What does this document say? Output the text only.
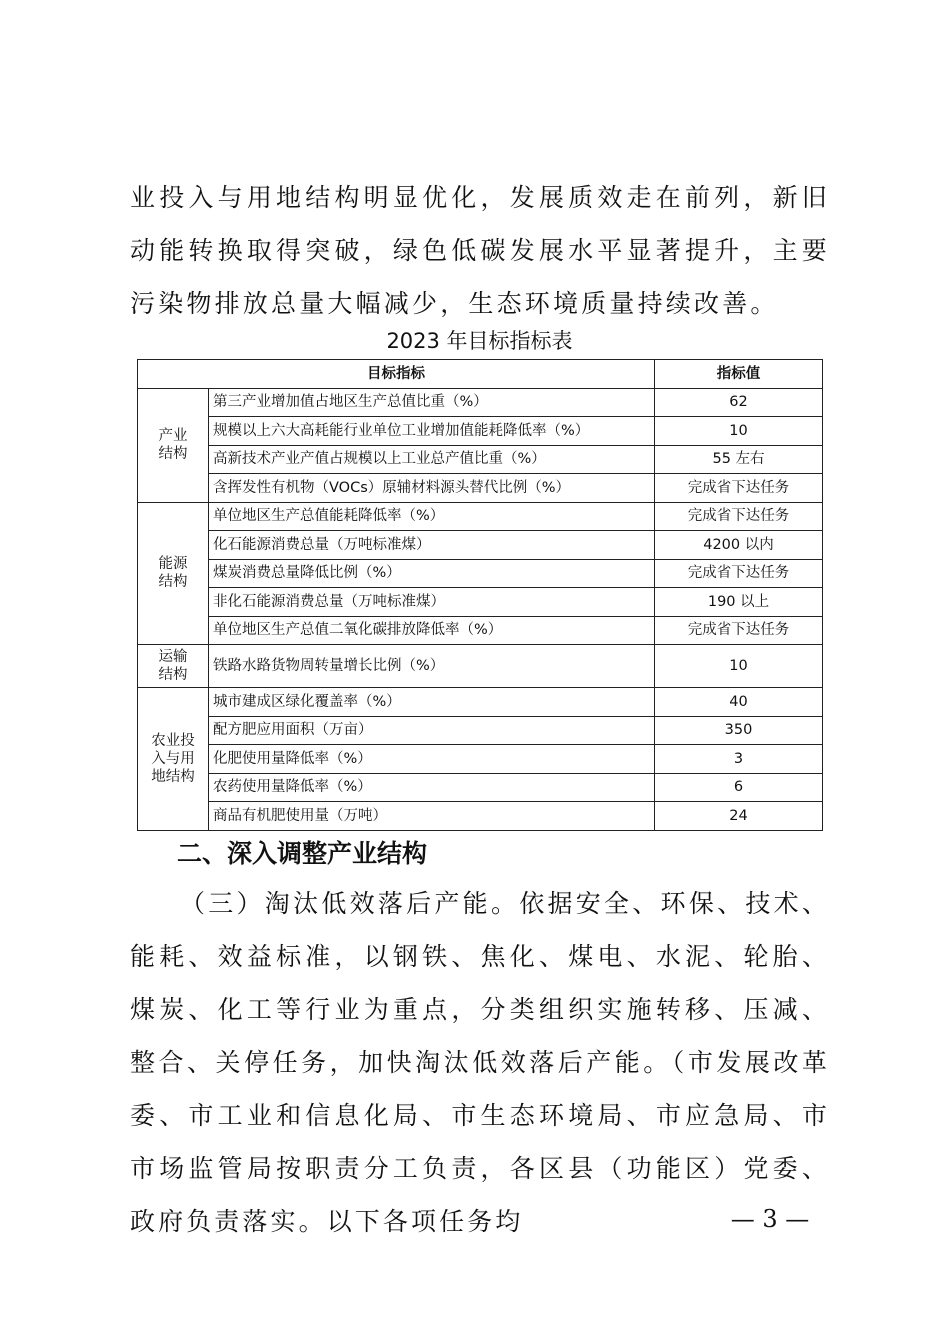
业投入与用地结构明显优化，发展质效走在前列，新旧动能转换取得突破，绿色低碳发展水平显著提升，主要污染物排放总量大幅减少，生态环境质量持续改善。

2023 年目标指标表
目标指标		指标值
产业
结构	第三产业增加值占地区生产总值比重（%）	62
	规模以上六大高耗能行业单位工业增加值能耗降低率（%）	10
	高新技术产业产值占规模以上工业总产值比重（%）	55 左右
	含挥发性有机物（VOCs）原辅材料源头替代比例（%）	完成省下达任务
能源
结构	单位地区生产总值能耗降低率（%）	完成省下达任务
	化石能源消费总量（万吨标准煤）	4200 以内
	煤炭消费总量降低比例（%）	完成省下达任务
	非化石能源消费总量（万吨标准煤）	190 以上
	单位地区生产总值二氧化碳排放降低率（%）	完成省下达任务
运输
结构	铁路水路货物周转量增长比例（%）	10
农业投
入与用
地结构	城市建成区绿化覆盖率（%）	40
	配方肥应用面积（万亩）	350
	化肥使用量降低率（%）	3
	农药使用量降低率（%）	6
	商品有机肥使用量（万吨）	24
二、深入调整产业结构

（三）淘汰低效落后产能。依据安全、环保、技术、能耗、效益标准，以钢铁、焦化、煤电、水泥、轮胎、煤炭、化工等行业为重点，分类组织实施转移、压减、整合、关停任务，加快淘汰低效落后产能。（市发展改革委、市工业和信息化局、市生态环境局、市应急局、市市场监管局按职责分工负责，各区县（功能区）党委、政府负责落实。以下各项任务均	— 3 —
